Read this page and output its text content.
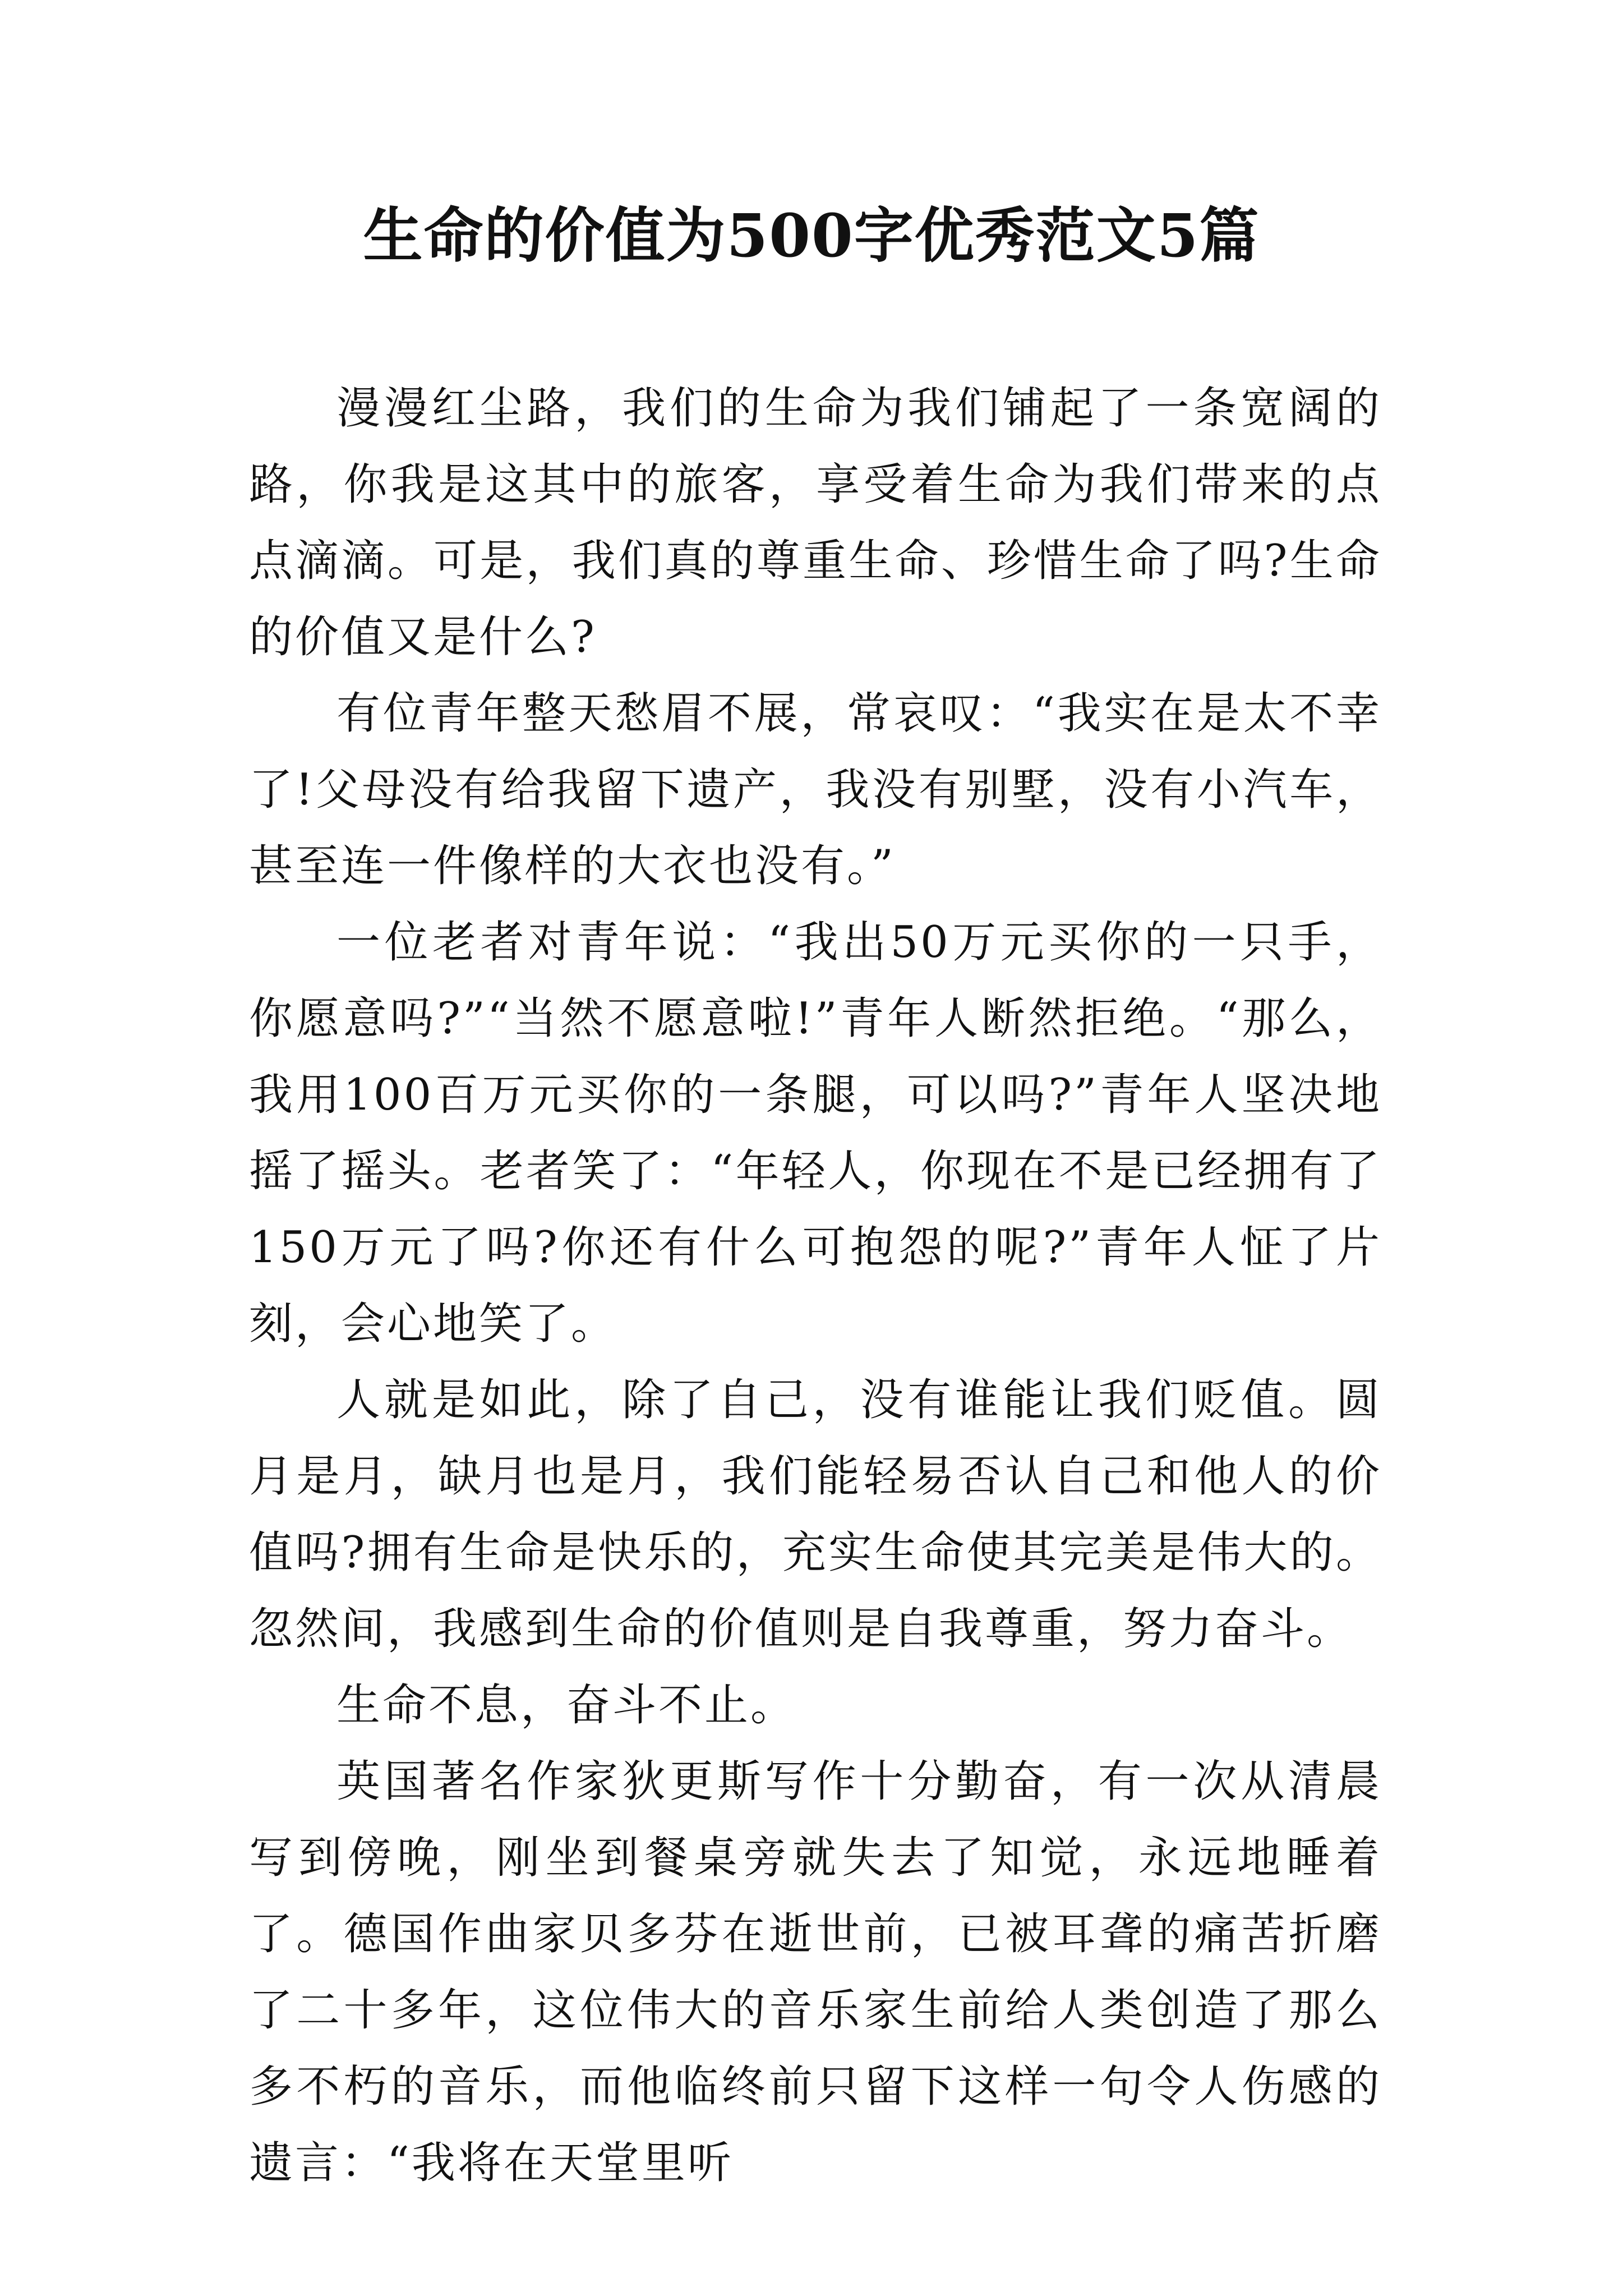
生命的价值为500字优秀范文5篇

漫漫红尘路，我们的生命为我们铺起了一条宽阔的路，你我是这其中的旅客，享受着生命为我们带来的点点滴滴。可是，我们真的尊重生命、珍惜生命了吗?生命的价值又是什么?

有位青年整天愁眉不展，常哀叹：“我实在是太不幸了!父母没有给我留下遗产，我没有别墅，没有小汽车，甚至连一件像样的大衣也没有。”

一位老者对青年说：“我出50万元买你的一只手，你愿意吗?”“当然不愿意啦!”青年人断然拒绝。“那么，我用100百万元买你的一条腿，可以吗?”青年人坚决地摇了摇头。老者笑了：“年轻人，你现在不是已经拥有了150万元了吗?你还有什么可抱怨的呢?”青年人怔了片刻，会心地笑了。

人就是如此，除了自己，没有谁能让我们贬值。圆月是月，缺月也是月，我们能轻易否认自己和他人的价值吗?拥有生命是快乐的，充实生命使其完美是伟大的。忽然间，我感到生命的价值则是自我尊重，努力奋斗。

生命不息，奋斗不止。

英国著名作家狄更斯写作十分勤奋，有一次从清晨写到傍晚，刚坐到餐桌旁就失去了知觉，永远地睡着了。德国作曲家贝多芬在逝世前，已被耳聋的痛苦折磨了二十多年，这位伟大的音乐家生前给人类创造了那么多不朽的音乐，而他临终前只留下这样一句令人伤感的遗言：“我将在天堂里听
